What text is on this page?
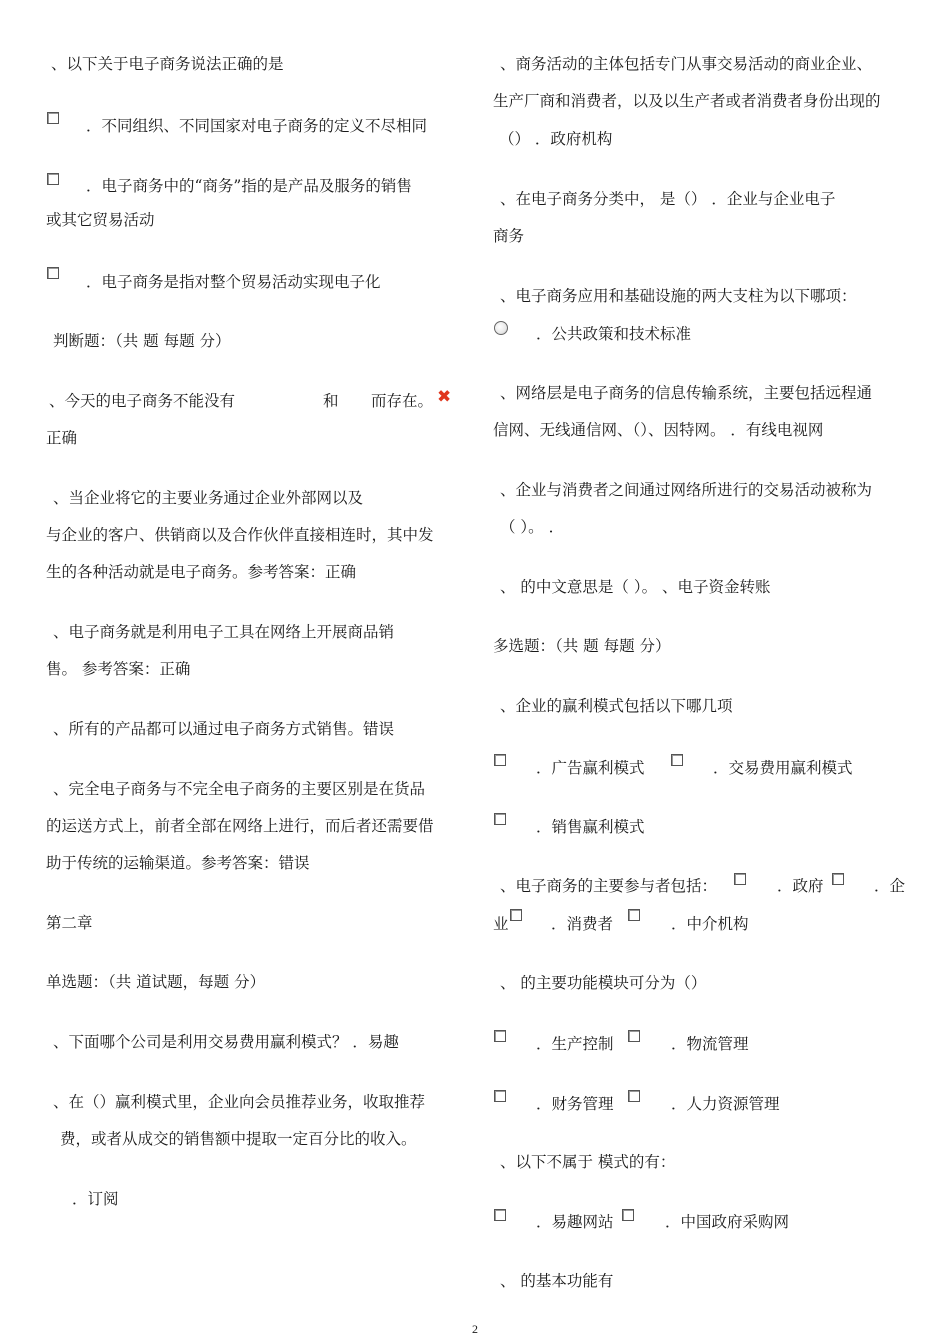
、以下关于电子商务说法正确的是
．不同组织、不同国家对电子商务的定义不尽相同
．电子商务中的“商务”指的是产品及服务的销售
或其它贸易活动
．电子商务是指对整个贸易活动实现电子化
判断题：（共 题 每题 分）
、今天的电子商务不能没有	和 而存在。 ✖
正确
、当企业将它的主要业务通过企业外部网以及
与企业的客户、供销商以及合作伙伴直接相连时，其中发
生的各种活动就是电子商务。参考答案：正确
、电子商务就是利用电子工具在网络上开展商品销
售。 参考答案：正确
、所有的产品都可以通过电子商务方式销售。错误
、完全电子商务与不完全电子商务的主要区别是在货品
的运送方式上，前者全部在网络上进行，而后者还需要借
助于传统的运输渠道。参考答案：错误
第二章
单选题：（共 道试题，每题 分）
、下面哪个公司是利用交易费用赢利模式？ ．易趣
、在（）赢利模式里，企业向会员推荐业务，收取推荐
费，或者从成交的销售额中提取一定百分比的收入。
．订阅
、商务活动的主体包括专门从事交易活动的商业企业、
生产厂商和消费者，以及以生产者或者消费者身份出现的
（） ．政府机构
、在电子商务分类中， 是（） ．企业与企业电子
商务
、电子商务应用和基础设施的两大支柱为以下哪项：
．公共政策和技术标准
、网络层是电子商务的信息传输系统，主要包括远程通
信网、无线通信网、（）、因特网。 ．有线电视网
、企业与消费者之间通过网络所进行的交易活动被称为
（ ）。 ．
、 的中文意思是（ ）。 、电子资金转账
多选题：（共 题 每题 分）
、企业的赢利模式包括以下哪几项
．广告赢利模式	．交易费用赢利模式
．销售赢利模式
、电子商务的主要参与者包括：	．政府	．企
业	．消费者	．中介机构
、 的主要功能模块可分为（）
．生产控制	．物流管理
．财务管理	．人力资源管理
、以下不属于 模式的有：
．易趣网站	．中国政府采购网
、 的基本功能有
2
